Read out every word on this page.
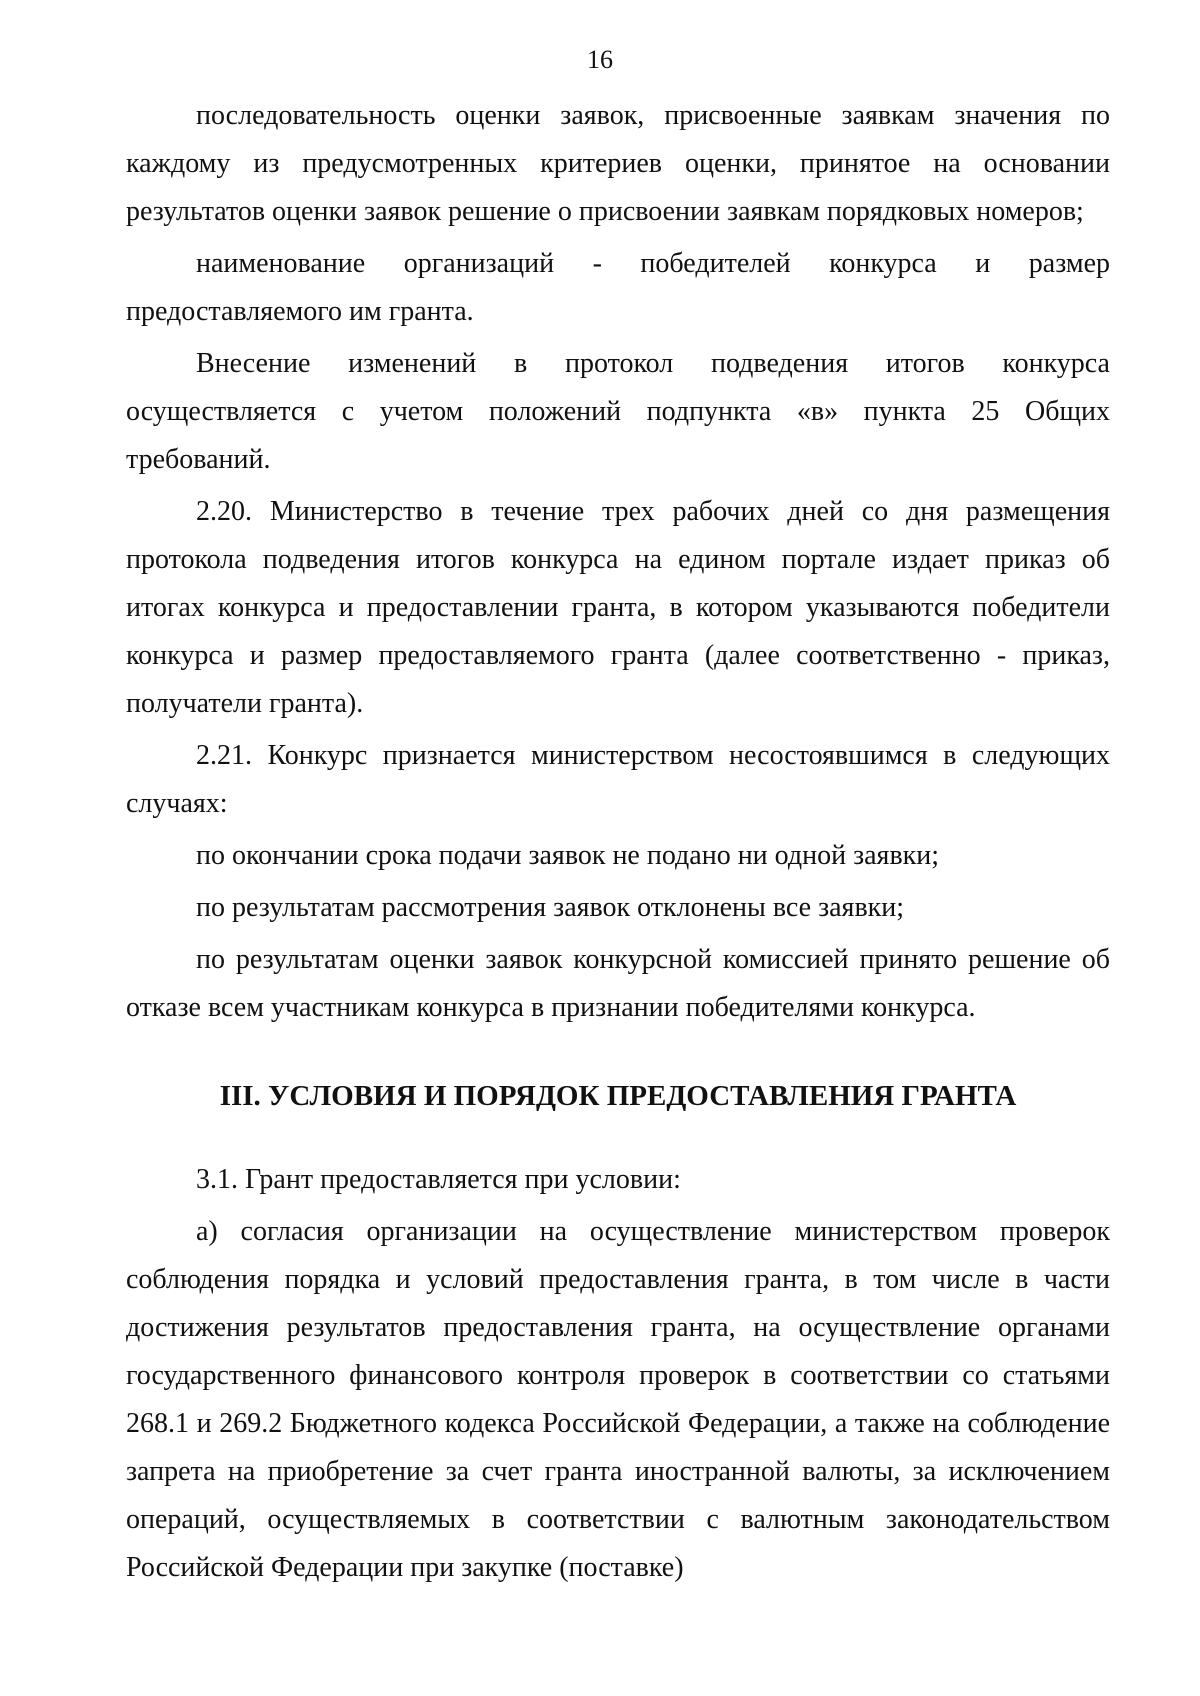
16

последовательность оценки заявок, присвоенные заявкам значения по каждому из предусмотренных критериев оценки, принятое на основании результатов оценки заявок решение о присвоении заявкам порядковых номеров;

наименование организаций - победителей конкурса и размер предоставляемого им гранта.

Внесение изменений в протокол подведения итогов конкурса осуществляется с учетом положений подпункта «в» пункта 25 Общих требований.

2.20. Министерство в течение трех рабочих дней со дня размещения протокола подведения итогов конкурса на едином портале издает приказ об итогах конкурса и предоставлении гранта, в котором указываются победители конкурса и размер предоставляемого гранта (далее соответственно - приказ, получатели гранта).

2.21. Конкурс признается министерством несостоявшимся в следующих случаях:

по окончании срока подачи заявок не подано ни одной заявки;

по результатам рассмотрения заявок отклонены все заявки;

по результатам оценки заявок конкурсной комиссией принято решение об отказе всем участникам конкурса в признании победителями конкурса.

III. УСЛОВИЯ И ПОРЯДОК ПРЕДОСТАВЛЕНИЯ ГРАНТА

3.1. Грант предоставляется при условии:

а) согласия организации на осуществление министерством проверок соблюдения порядка и условий предоставления гранта, в том числе в части достижения результатов предоставления гранта, на осуществление органами государственного финансового контроля проверок в соответствии со статьями 268.1 и 269.2 Бюджетного кодекса Российской Федерации, а также на соблюдение запрета на приобретение за счет гранта иностранной валюты, за исключением операций, осуществляемых в соответствии с валютным законодательством Российской Федерации при закупке (поставке)
